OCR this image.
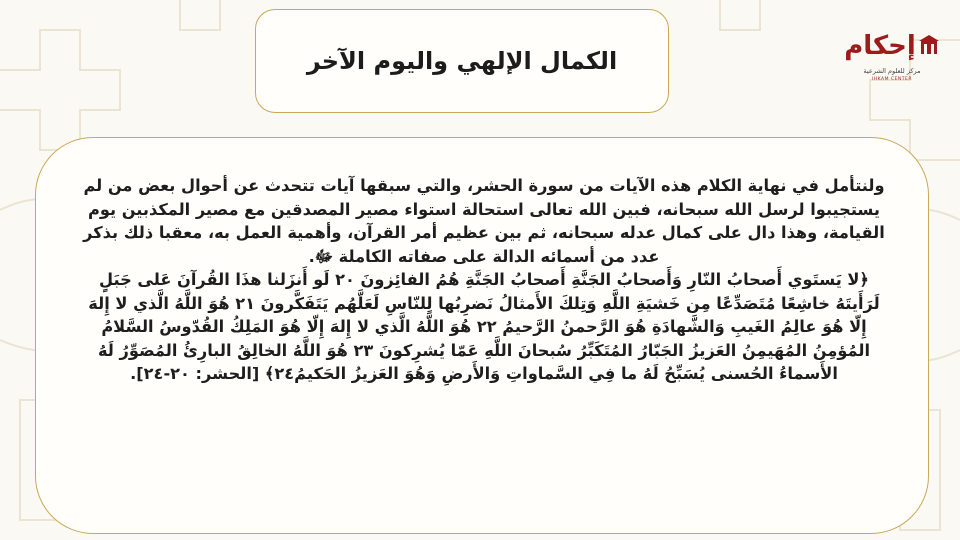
الكمال الإلهي واليوم الآخر	إحكام
مركز للعلوم الشرعية
IHKAM CENTER

ولنتأمل في نهاية الكلام هذه الآيات من سورة الحشر، والتي سبقها آيات تتحدث عن أحوال بعض من لم يستجيبوا لرسل الله سبحانه، فبين الله تعالى استحالة استواء مصير المصدقين مع مصير المكذبين يوم القيامة، وهذا دال على كمال عدله سبحانه، ثم بين عظيم أمر القرآن، وأهمية العمل به، معقبا ذلك بذكر عدد من أسمائه الدالة على صفاته الكاملة ﷻ.

﴿لا يَستَوي أَصحابُ النّارِ وَأَصحابُ الجَنَّةِ أَصحابُ الجَنَّةِ هُمُ الفائِزونَ ٢٠ لَو أَنزَلنا هذَا القُرآنَ عَلى جَبَلٍ لَرَأَيتَهُ خاشِعًا مُتَصَدِّعًا مِن خَشيَةِ اللَّهِ وَتِلكَ الأَمثالُ نَضرِبُها لِلنّاسِ لَعَلَّهُم يَتَفَكَّرونَ ٢١ هُوَ اللَّهُ الَّذي لا إِلهَ إِلّا هُوَ عالِمُ الغَيبِ وَالشَّهادَةِ هُوَ الرَّحمنُ الرَّحيمُ ٢٢ هُوَ اللَّهُ الَّذي لا إِلهَ إِلّا هُوَ المَلِكُ القُدّوسُ السَّلامُ المُؤمِنُ المُهَيمِنُ العَزيزُ الجَبّارُ المُتَكَبِّرُ سُبحانَ اللَّهِ عَمّا يُشرِكونَ ٢٣ هُوَ اللَّهُ الخالِقُ البارِئُ المُصَوِّرُ لَهُ الأَسماءُ الحُسنى يُسَبِّحُ لَهُ ما فِي السَّماواتِ وَالأَرضِ وَهُوَ العَزيزُ الحَكيمُ٢٤﴾ [الحشر: ٢٠-٢٤].
